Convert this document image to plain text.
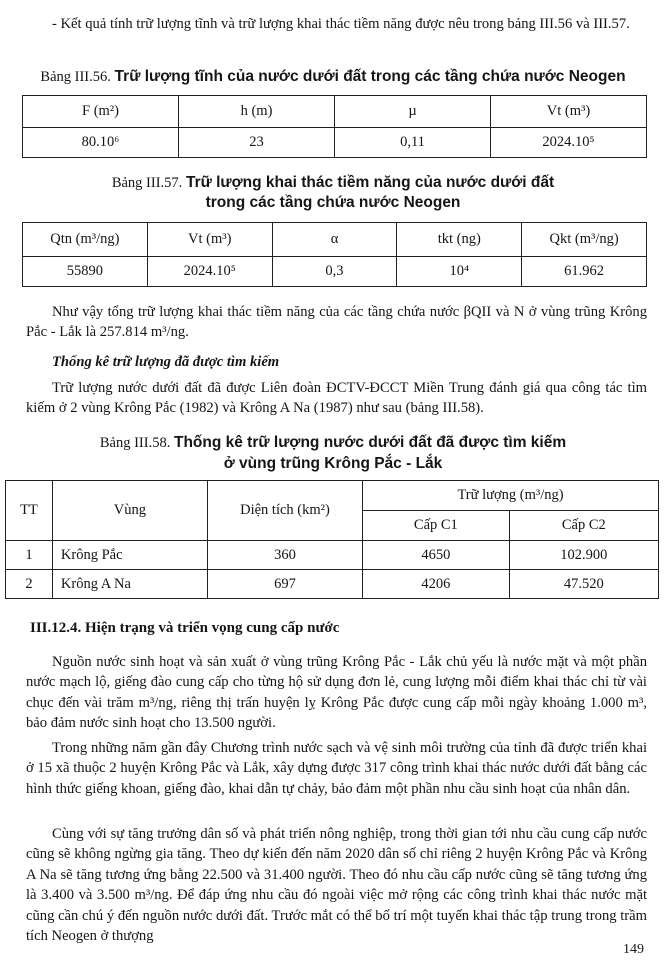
- Kết quả tính trữ lượng tĩnh và trữ lượng khai thác tiềm năng được nêu trong bảng III.56 và III.57.

Bảng III.56. Trữ lượng tĩnh của nước dưới đất trong các tầng chứa nước Neogen

F (m²)	h (m)	µ	Vt (m³)
80.10⁶	23	0,11	2024.10⁵

Bảng III.57. Trữ lượng khai thác tiềm năng của nước dưới đất

trong các tầng chứa nước Neogen

Qtn (m³/ng)	Vt (m³)	α	tkt (ng)	Qkt (m³/ng)
55890	2024.10⁵	0,3	10⁴	61.962

Như vậy tổng trữ lượng khai thác tiềm năng của các tầng chứa nước βQII và N ở vùng trũng Krông Pắc - Lắk là 257.814 m³/ng.

Thống kê trữ lượng đã được tìm kiếm

Trữ lượng nước dưới đất đã được Liên đoàn ĐCTV-ĐCCT Miền Trung đánh giá qua công tác tìm kiếm ở 2 vùng Krông Pắc (1982) và Krông A Na (1987) như sau (bảng III.58).

Bảng III.58. Thống kê trữ lượng nước dưới đất đã được tìm kiếm

ở vùng trũng Krông Pắc - Lắk

TT	Vùng	Diện tích (km²)	Trữ lượng (m³/ng)	
			Cấp C1	Cấp C2
1	Krông Pắc	360	4650	102.900
2	Krông A Na	697	4206	47.520

III.12.4. Hiện trạng và triển vọng cung cấp nước

Nguồn nước sinh hoạt và sản xuất ở vùng trũng Krông Pắc - Lắk chủ yếu là nước mặt và một phần nước mạch lộ, giếng đào cung cấp cho từng hộ sử dụng đơn lẻ, cung lượng mỗi điểm khai thác chỉ từ vài chục đến vài trăm m³/ng, riêng thị trấn huyện lỵ Krông Pắc được cung cấp mỗi ngày khoảng 1.000 m³, bảo đảm nước sinh hoạt cho 13.500 người.

Trong những năm gần đây Chương trình nước sạch và vệ sinh môi trường của tỉnh đã được triển khai ở 15 xã thuộc 2 huyện Krông Pắc và Lắk, xây dựng được 317 công trình khai thác nước dưới đất bằng các hình thức giếng khoan, giếng đào, khai dẫn tự chảy, bảo đảm một phần nhu cầu sinh hoạt của nhân dân.

Cùng với sự tăng trưởng dân số và phát triển nông nghiệp, trong thời gian tới nhu cầu cung cấp nước cũng sẽ không ngừng gia tăng. Theo dự kiến đến năm 2020 dân số chỉ riêng 2 huyện Krông Pắc và Krông A Na sẽ tăng tương ứng bằng 22.500 và 31.400 người. Theo đó nhu cầu cấp nước cũng sẽ tăng tương ứng là 3.400 và 3.500 m³/ng. Để đáp ứng nhu cầu đó ngoài việc mở rộng các công trình khai thác nước mặt cũng cần chú ý đến nguồn nước dưới đất. Trước mắt có thể bố trí một tuyến khai thác tập trung trong trầm tích Neogen ở thượng

149
